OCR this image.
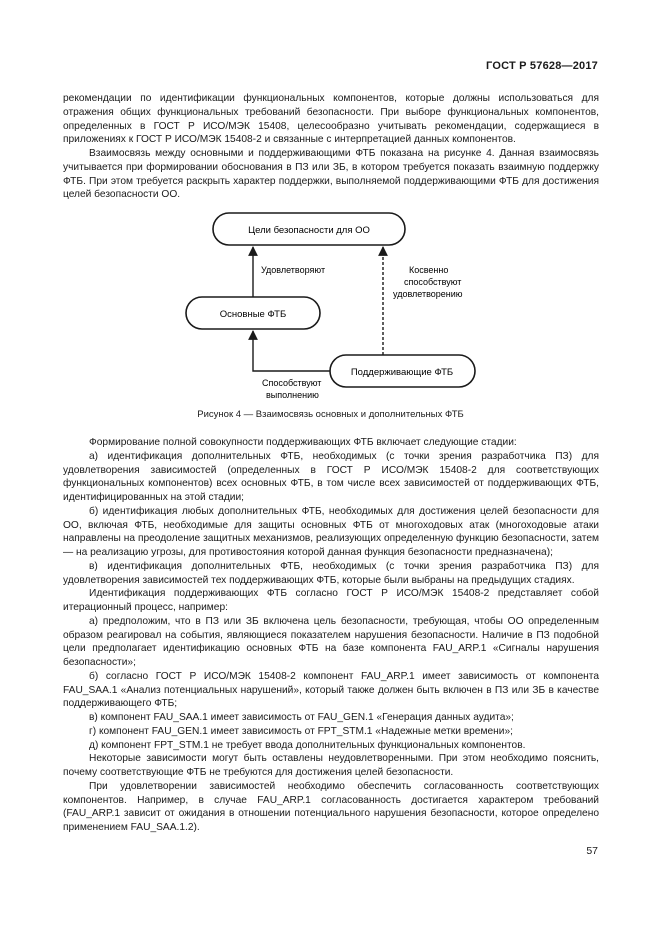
ГОСТ Р 57628—2017

рекомендации по идентификации функциональных компонентов, которые должны использоваться для отражения общих функциональных требований безопасности. При выборе функциональных компонентов, определенных в ГОСТ Р ИСО/МЭК 15408, целесообразно учитывать рекомендации, содержащиеся в приложениях к ГОСТ Р ИСО/МЭК 15408-2 и связанные с интерпретацией данных компонентов.

Взаимосвязь между основными и поддерживающими ФТБ показана на рисунке 4. Данная взаимосвязь учитывается при формировании обоснования в ПЗ или ЗБ, в котором требуется показать взаимную поддержку ФТБ. При этом требуется раскрыть характер поддержки, выполняемой поддерживающими ФТБ для достижения целей безопасности ОО.

Цели безопасности для ОО
Основные ФТБ
Поддерживающие ФТБ
Удовлетворяют	Косвенно
способствуют
удовлетворению
Способствуют
выполнению
Рисунок 4 — Взаимосвязь основных и дополнительных ФТБ

Формирование полной совокупности поддерживающих ФТБ включает следующие стадии:

а) идентификация дополнительных ФТБ, необходимых (с точки зрения разработчика ПЗ) для удовлетворения зависимостей (определенных в ГОСТ Р ИСО/МЭК 15408-2 для соответствующих функциональных компонентов) всех основных ФТБ, в том числе всех зависимостей от поддерживающих ФТБ, идентифицированных на этой стадии;

б) идентификация любых дополнительных ФТБ, необходимых для достижения целей безопасности для ОО, включая ФТБ, необходимые для защиты основных ФТБ от многоходовых атак (многоходовые атаки направлены на преодоление защитных механизмов, реализующих определенную функцию безопасности, затем — на реализацию угрозы, для противостояния которой данная функция безопасности предназначена);

в) идентификация дополнительных ФТБ, необходимых (с точки зрения разработчика ПЗ) для удовлетворения зависимостей тех поддерживающих ФТБ, которые были выбраны на предыдущих стадиях.

Идентификация поддерживающих ФТБ согласно ГОСТ Р ИСО/МЭК 15408-2 представляет собой итерационный процесс, например:

а) предположим, что в ПЗ или ЗБ включена цель безопасности, требующая, чтобы ОО определенным образом реагировал на события, являющиеся показателем нарушения безопасности. Наличие в ПЗ подобной цели предполагает идентификацию основных ФТБ на базе компонента FAU_ARP.1 «Сигналы нарушения безопасности»;

б) согласно ГОСТ Р ИСО/МЭК 15408-2 компонент FAU_ARP.1 имеет зависимость от компонента FAU_SAA.1 «Анализ потенциальных нарушений», который также должен быть включен в ПЗ или ЗБ в качестве поддерживающего ФТБ;

в) компонент FAU_SAA.1 имеет зависимость от FAU_GEN.1 «Генерация данных аудита»;

г) компонент FAU_GEN.1 имеет зависимость от FPT_STM.1 «Надежные метки времени»;

д) компонент FPT_STM.1 не требует ввода дополнительных функциональных компонентов.

Некоторые зависимости могут быть оставлены неудовлетворенными. При этом необходимо пояснить, почему соответствующие ФТБ не требуются для достижения целей безопасности.

При удовлетворении зависимостей необходимо обеспечить согласованность соответствующих компонентов. Например, в случае FAU_ARP.1 согласованность достигается характером требований (FAU_ARP.1 зависит от ожидания в отношении потенциального нарушения безопасности, которое определено применением FAU_SAA.1.2).

57
